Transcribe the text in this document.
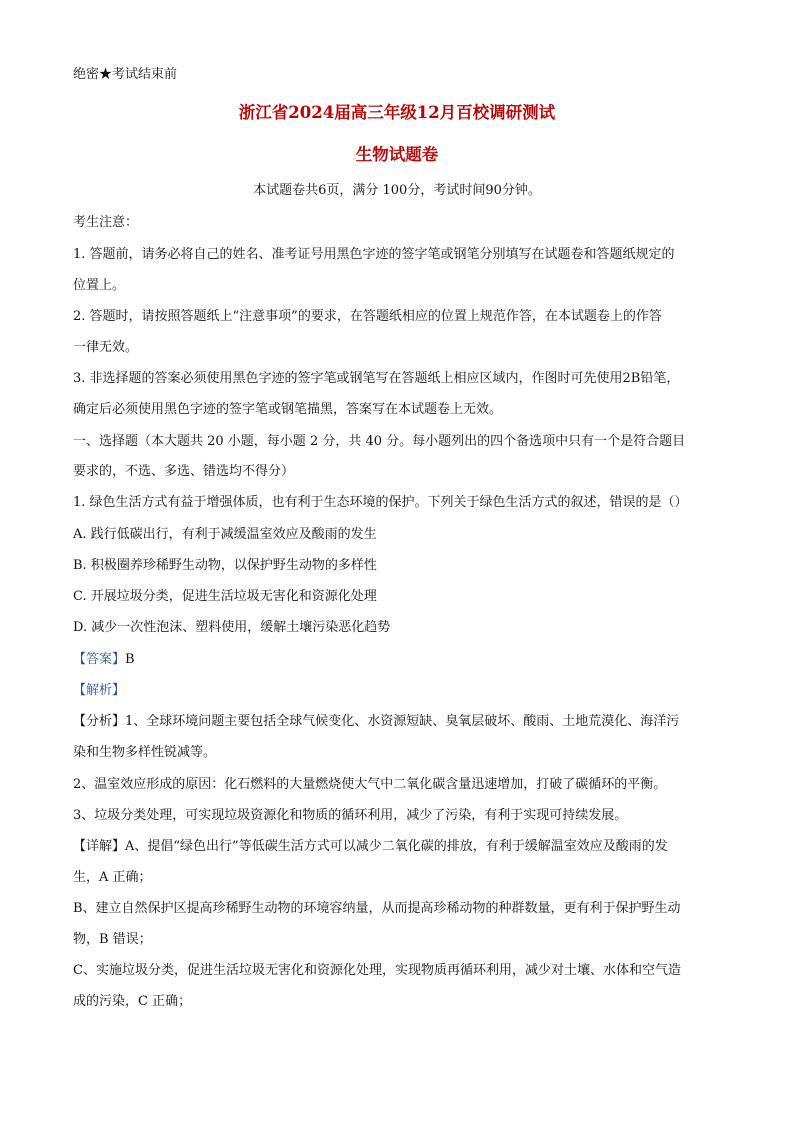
绝密★考试结束前
浙江省2024届高三年级12月百校调研测试
生物试题卷
本试题卷共6页，满分 100分，考试时间90分钟。
考生注意：
1. 答题前，请务必将自己的姓名、准考证号用黑色字迹的签字笔或钢笔分别填写在试题卷和答题纸规定的
位置上。
2. 答题时，请按照答题纸上“注意事项”的要求，在答题纸相应的位置上规范作答，在本试题卷上的作答
一律无效。
3. 非选择题的答案必须使用黑色字迹的签字笔或钢笔写在答题纸上相应区域内，作图时可先使用2B铅笔，
确定后必须使用黑色字迹的签字笔或钢笔描黑，答案写在本试题卷上无效。
一、选择题（本大题共 20 小题，每小题 2 分，共 40 分。每小题列出的四个备选项中只有一个是符合题目
要求的，不选、多选、错选均不得分）
1. 绿色生活方式有益于增强体质，也有利于生态环境的保护。下列关于绿色生活方式的叙述，错误的是（）
A. 践行低碳出行，有利于减缓温室效应及酸雨的发生
B. 积极圈养珍稀野生动物，以保护野生动物的多样性
C. 开展垃圾分类，促进生活垃圾无害化和资源化处理
D. 减少一次性泡沫、塑料使用，缓解土壤污染恶化趋势
【答案】B
【解析】
【分析】1、全球环境问题主要包括全球气候变化、水资源短缺、臭氧层破坏、酸雨、土地荒漠化、海洋污
染和生物多样性锐减等。
2、温室效应形成的原因：化石燃料的大量燃烧使大气中二氧化碳含量迅速增加，打破了碳循环的平衡。
3、垃圾分类处理，可实现垃圾资源化和物质的循环利用，减少了污染，有利于实现可持续发展。
【详解】A、提倡“绿色出行”等低碳生活方式可以减少二氧化碳的排放，有利于缓解温室效应及酸雨的发
生，A 正确；
B、建立自然保护区提高珍稀野生动物的环境容纳量，从而提高珍稀动物的种群数量，更有利于保护野生动
物，B 错误；
C、实施垃圾分类，促进生活垃圾无害化和资源化处理，实现物质再循环利用，减少对土壤、水体和空气造
成的污染，C 正确；
